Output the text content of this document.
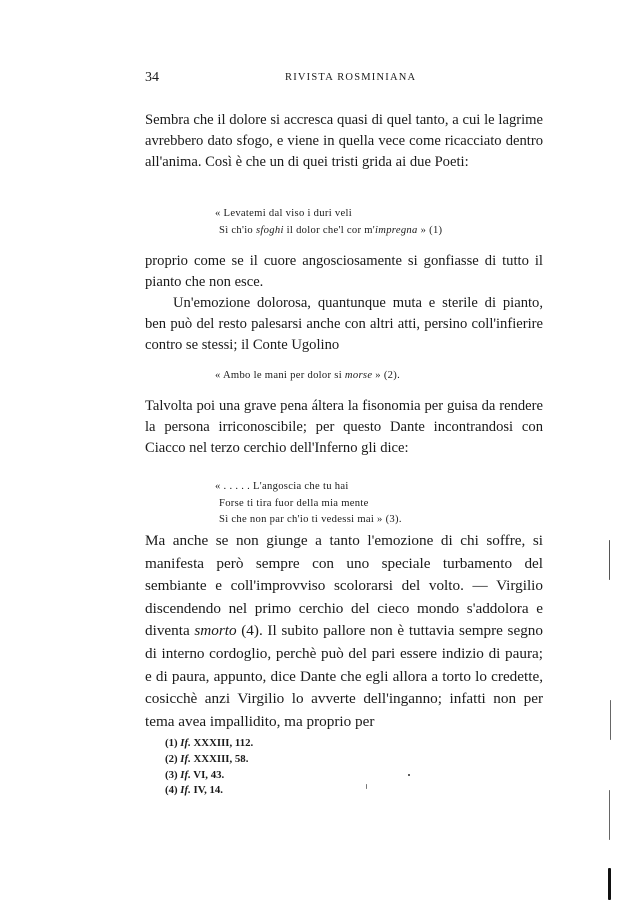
34	RIVISTA ROSMINIANA

Sembra che il dolore si accresca quasi di quel tanto, a cui le lagrime avrebbero dato sfogo, e viene in quella vece come ricacciato dentro all'anima. Così è che un di quei tristi grida ai due Poeti:

« Levatemi dal viso i duri veli
Sì ch'io sfoghi il dolor che'l cor m'impregna » (1)

proprio come se il cuore angosciosamente si gonfiasse di tutto il pianto che non esce.

Un'emozione dolorosa, quantunque muta e sterile di pianto, ben può del resto palesarsi anche con altri atti, persino coll'infierire contro se stessi; il Conte Ugolino

« Ambo le mani per dolor si morse » (2).

Talvolta poi una grave pena áltera la fisonomia per guisa da rendere la persona irriconoscibile; per questo Dante incontrandosi con Ciacco nel terzo cerchio dell'Inferno gli dice:

« . . . . . L'angoscia che tu hai
Forse ti tira fuor della mia mente
Sì che non par ch'io ti vedessi mai » (3).

Ma anche se non giunge a tanto l'emozione di chi soffre, si manifesta però sempre con uno speciale turbamento del sembiante e coll'improvviso scolorarsi del volto. — Virgilio discendendo nel primo cerchio del cieco mondo s'addolora e diventa smorto (4). Il subito pallore non è tuttavia sempre segno di interno cordoglio, perchè può del pari essere indizio di paura; e di paura, appunto, dice Dante che egli allora a torto lo credette, cosicchè anzi Virgilio lo avverte dell'inganno; infatti non per tema avea impallidito, ma proprio per

(1) If. XXXIII, 112.
(2) If. XXXIII, 58.
(3) If. VI, 43.
(4) If. IV, 14.
